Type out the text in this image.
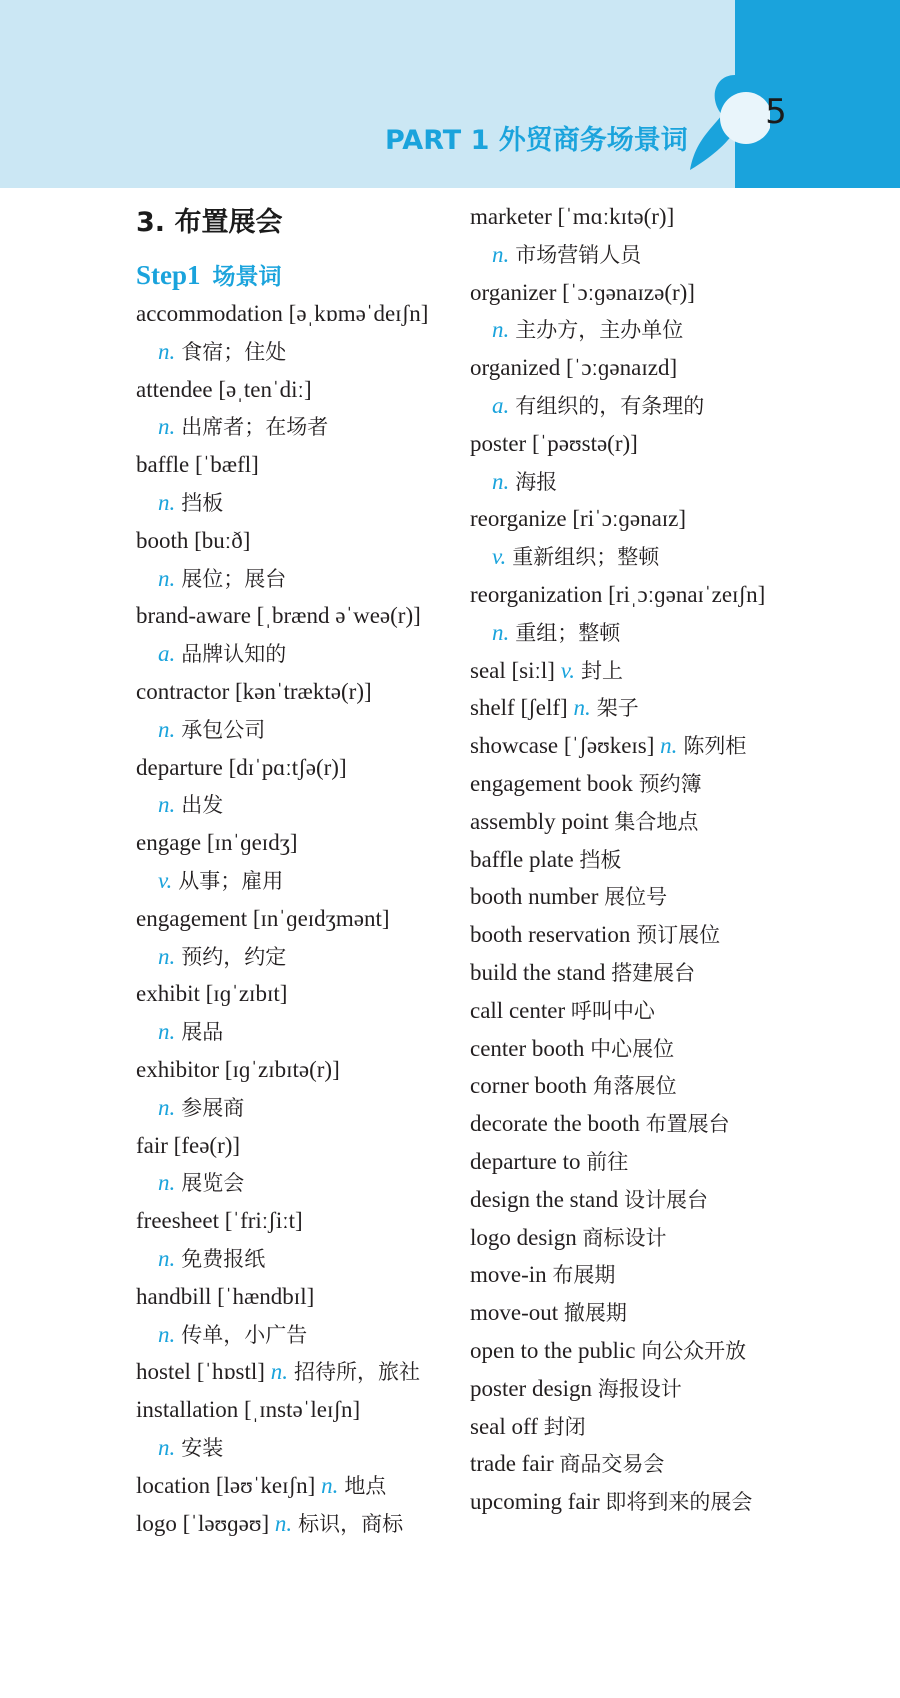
5
PART 1 外贸商务场景词
3. 布置展会
Step1 场景词
accommodation [əˌkɒməˈdeɪʃn]
n. 食宿；住处
attendee [əˌtenˈdiː]
n. 出席者；在场者
baffle [ˈbæfl]
n. 挡板
booth [buːð]
n. 展位；展台
brand-aware [ˌbrænd əˈweə(r)]
a. 品牌认知的
contractor [kənˈtræktə(r)]
n. 承包公司
departure [dɪˈpɑːtʃə(r)]
n. 出发
engage [ɪnˈɡeɪdʒ]
v. 从事；雇用
engagement [ɪnˈɡeɪdʒmənt]
n. 预约，约定
exhibit [ɪɡˈzɪbɪt]
n. 展品
exhibitor [ɪɡˈzɪbɪtə(r)]
n. 参展商
fair [feə(r)]
n. 展览会
freesheet [ˈfriːʃiːt]
n. 免费报纸
handbill [ˈhændbɪl]
n. 传单，小广告
hostel [ˈhɒstl] n. 招待所，旅社
installation [ˌɪnstəˈleɪʃn]
n. 安装
location [ləʊˈkeɪʃn] n. 地点
logo [ˈləʊɡəʊ] n. 标识，商标
marketer [ˈmɑːkɪtə(r)]
n. 市场营销人员
organizer [ˈɔːɡənaɪzə(r)]
n. 主办方，主办单位
organized [ˈɔːɡənaɪzd]
a. 有组织的，有条理的
poster [ˈpəʊstə(r)]
n. 海报
reorganize [riˈɔːɡənaɪz]
v. 重新组织；整顿
reorganization [riˌɔːɡənaɪˈzeɪʃn]
n. 重组；整顿
seal [siːl] v. 封上
shelf [ʃelf] n. 架子
showcase [ˈʃəʊkeɪs] n. 陈列柜
engagement book 预约簿
assembly point 集合地点
baffle plate 挡板
booth number 展位号
booth reservation 预订展位
build the stand 搭建展台
call center 呼叫中心
center booth 中心展位
corner booth 角落展位
decorate the booth 布置展台
departure to 前往
design the stand 设计展台
logo design 商标设计
move-in 布展期
move-out 撤展期
open to the public 向公众开放
poster design 海报设计
seal off 封闭
trade fair 商品交易会
upcoming fair 即将到来的展会
